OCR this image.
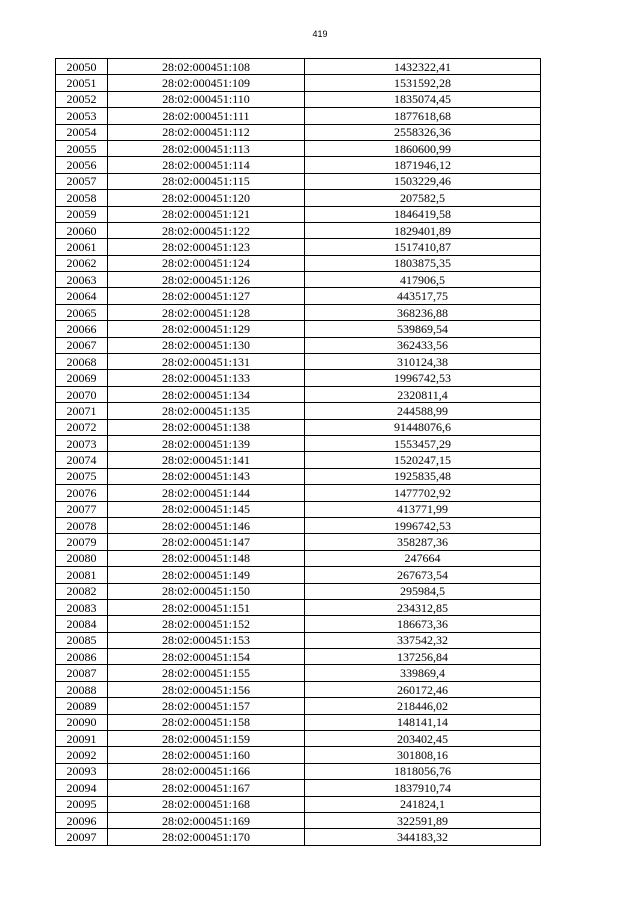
419
20050	28:02:000451:108	1432322,41
20051	28:02:000451:109	1531592,28
20052	28:02:000451:110	1835074,45
20053	28:02:000451:111	1877618,68
20054	28:02:000451:112	2558326,36
20055	28:02:000451:113	1860600,99
20056	28:02:000451:114	1871946,12
20057	28:02:000451:115	1503229,46
20058	28:02:000451:120	207582,5
20059	28:02:000451:121	1846419,58
20060	28:02:000451:122	1829401,89
20061	28:02:000451:123	1517410,87
20062	28:02:000451:124	1803875,35
20063	28:02:000451:126	417906,5
20064	28:02:000451:127	443517,75
20065	28:02:000451:128	368236,88
20066	28:02:000451:129	539869,54
20067	28:02:000451:130	362433,56
20068	28:02:000451:131	310124,38
20069	28:02:000451:133	1996742,53
20070	28:02:000451:134	2320811,4
20071	28:02:000451:135	244588,99
20072	28:02:000451:138	91448076,6
20073	28:02:000451:139	1553457,29
20074	28:02:000451:141	1520247,15
20075	28:02:000451:143	1925835,48
20076	28:02:000451:144	1477702,92
20077	28:02:000451:145	413771,99
20078	28:02:000451:146	1996742,53
20079	28:02:000451:147	358287,36
20080	28:02:000451:148	247664
20081	28:02:000451:149	267673,54
20082	28:02:000451:150	295984,5
20083	28:02:000451:151	234312,85
20084	28:02:000451:152	186673,36
20085	28:02:000451:153	337542,32
20086	28:02:000451:154	137256,84
20087	28:02:000451:155	339869,4
20088	28:02:000451:156	260172,46
20089	28:02:000451:157	218446,02
20090	28:02:000451:158	148141,14
20091	28:02:000451:159	203402,45
20092	28:02:000451:160	301808,16
20093	28:02:000451:166	1818056,76
20094	28:02:000451:167	1837910,74
20095	28:02:000451:168	241824,1
20096	28:02:000451:169	322591,89
20097	28:02:000451:170	344183,32
